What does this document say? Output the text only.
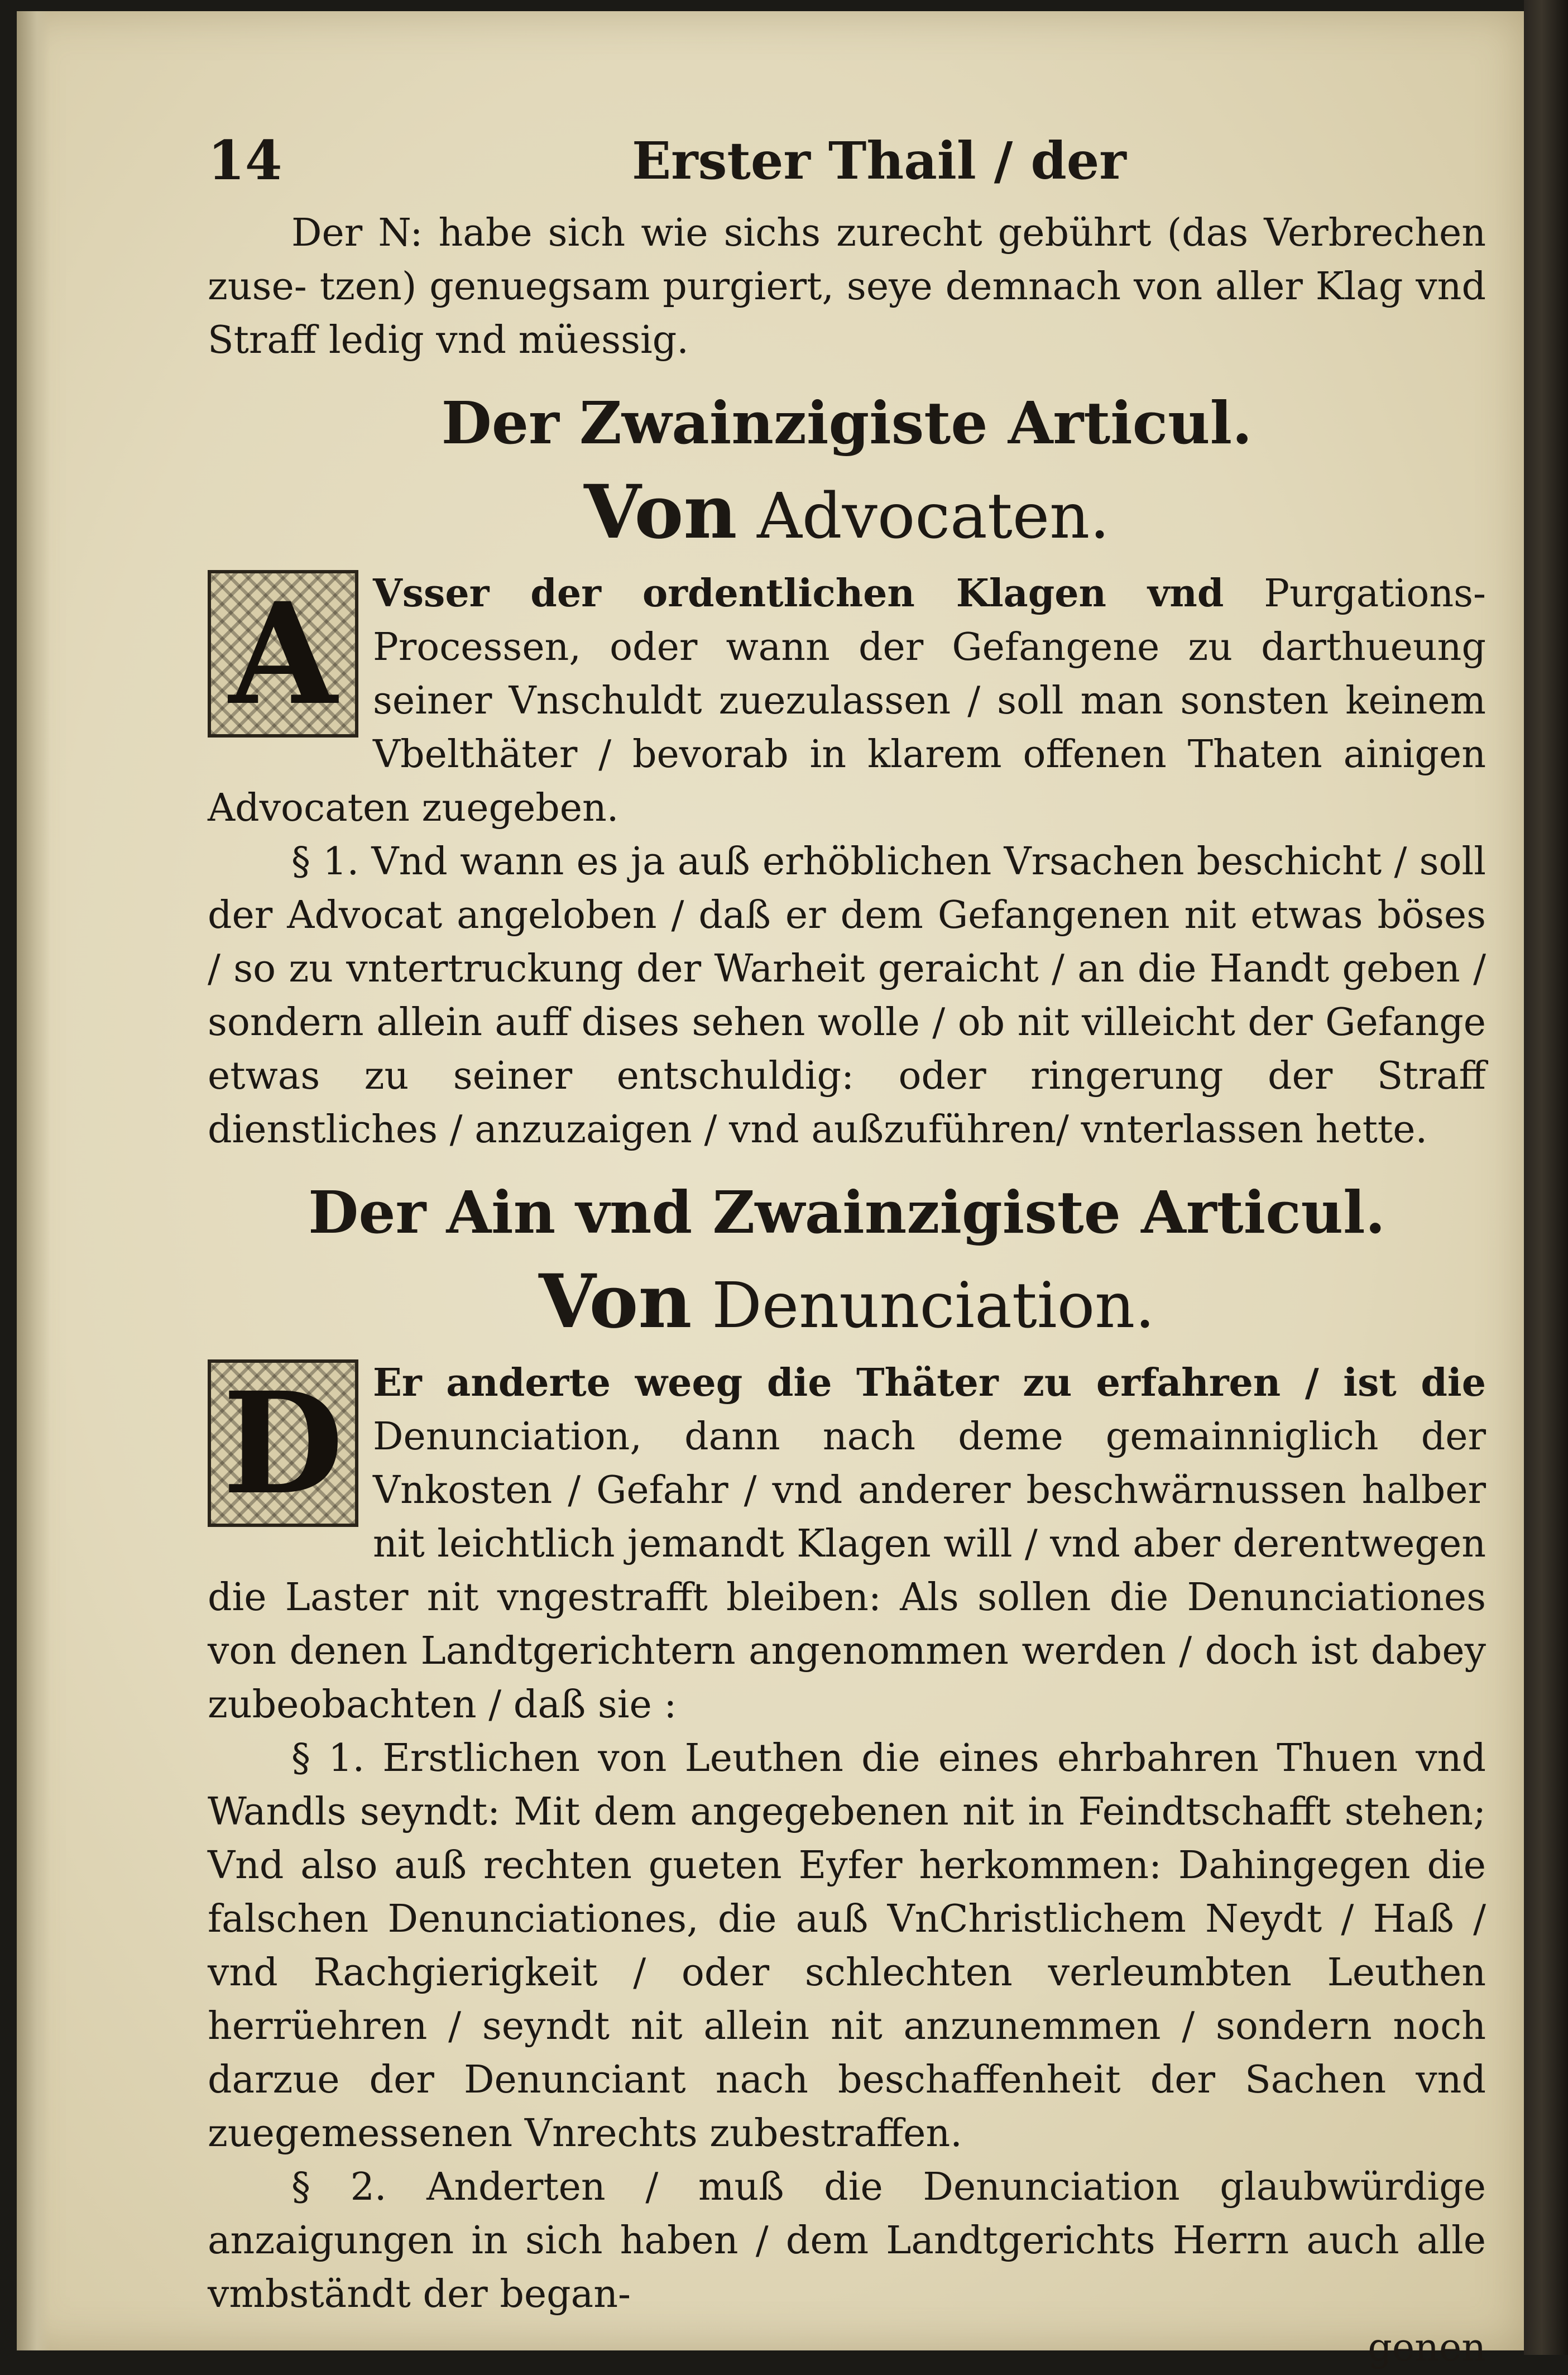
14	Erster Thail / der

Der N: habe sich wie sichs zurecht gebührt (das Verbrechen zuse- tzen) genuegsam purgiert, seye demnach von aller Klag vnd Straff ledig vnd müessig.

Der Zwainzigiste Articul.
Von Advocaten.

A Vsser der ordentlichen Klagen vnd Purgations-Processen, oder wann der Gefangene zu darthueung seiner Vnschuldt zuezulassen / soll man sonsten keinem Vbelthäter / bevorab in klarem offenen Thaten ainigen Advocaten zuegeben.

§ 1. Vnd wann es ja auß erhöblichen Vrsachen beschicht / soll der Advocat angeloben / daß er dem Gefangenen nit etwas böses / so zu vntertruckung der Warheit geraicht / an die Handt geben / sondern allein auff dises sehen wolle / ob nit villeicht der Gefange etwas zu seiner entschuldig: oder ringerung der Straff dienstliches / anzuzaigen / vnd außzuführen/ vnterlassen hette.

Der Ain vnd Zwainzigiste Articul.
Von Denunciation.

D Er anderte weeg die Thäter zu erfahren / ist die Denunciation, dann nach deme gemainniglich der Vnkosten / Gefahr / vnd anderer beschwärnussen halber nit leichtlich jemandt Klagen will / vnd aber derentwegen die Laster nit vngestrafft bleiben: Als sollen die Denunciationes von denen Landtgerichtern angenommen werden / doch ist dabey zubeobachten / daß sie :

§ 1. Erstlichen von Leuthen die eines ehrbahren Thuen vnd Wandls seyndt: Mit dem angegebenen nit in Feindtschafft stehen; Vnd also auß rechten gueten Eyfer herkommen: Dahingegen die falschen Denunciationes, die auß VnChristlichem Neydt / Haß / vnd Rachgierigkeit / oder schlechten verleumbten Leuthen herrüehren / seyndt nit allein nit anzunemmen / sondern noch darzue der Denunciant nach beschaffenheit der Sachen vnd zuegemessenen Vnrechts zubestraffen.

§ 2. Anderten / muß die Denunciation glaubwürdige anzaigungen in sich haben / dem Landtgerichts Herrn auch alle vmbständt der began-

genen
